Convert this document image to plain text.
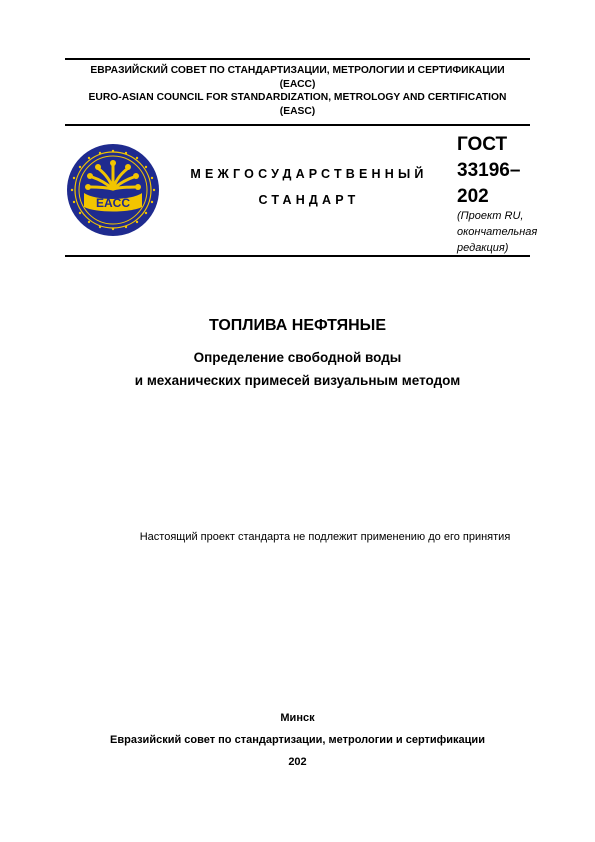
ЕВРАЗИЙСКИЙ СОВЕТ ПО СТАНДАРТИЗАЦИИ, МЕТРОЛОГИИ И СЕРТИФИКАЦИИ
(ЕАСС)
EURO-ASIAN COUNCIL FOR STANDARDIZATION, METROLOGY AND CERTIFICATION
(EASC)
EACC
МЕЖГОСУДАРСТВЕННЫЙ
СТАНДАРТ
ГОСТ
33196–
202
(Проект RU,
окончательная
редакция)
ТОПЛИВА НЕФТЯНЫЕ
Определение свободной воды
и механических примесей визуальным методом
Настоящий проект стандарта не подлежит применению до его принятия
Минск
Евразийский совет по стандартизации, метрологии и сертификации
202
